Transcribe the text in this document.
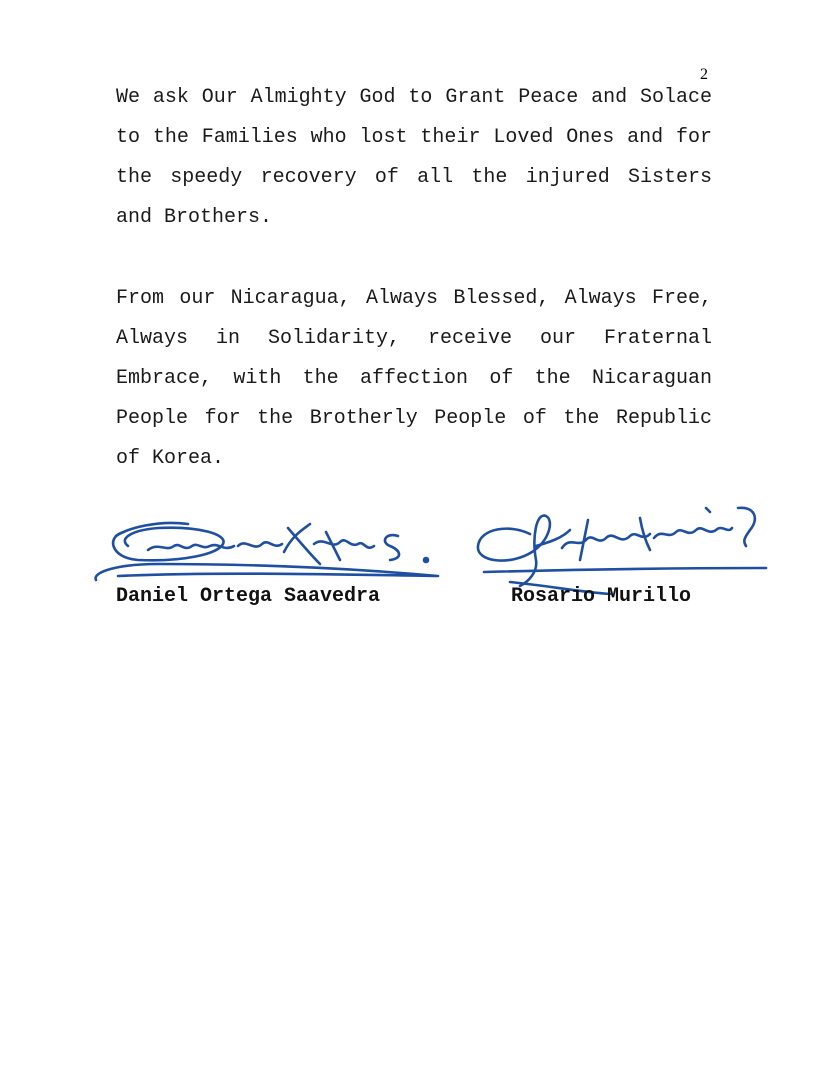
2
We ask Our Almighty God to Grant Peace and Solace to the Families who lost their Loved Ones and for the speedy recovery of all the injured Sisters and Brothers.
From our Nicaragua, Always Blessed, Always Free, Always in Solidarity, receive our Fraternal Embrace, with the affection of the Nicaraguan People for the Brotherly People of the Republic of Korea.
Daniel Ortega Saavedra	Rosario Murillo
